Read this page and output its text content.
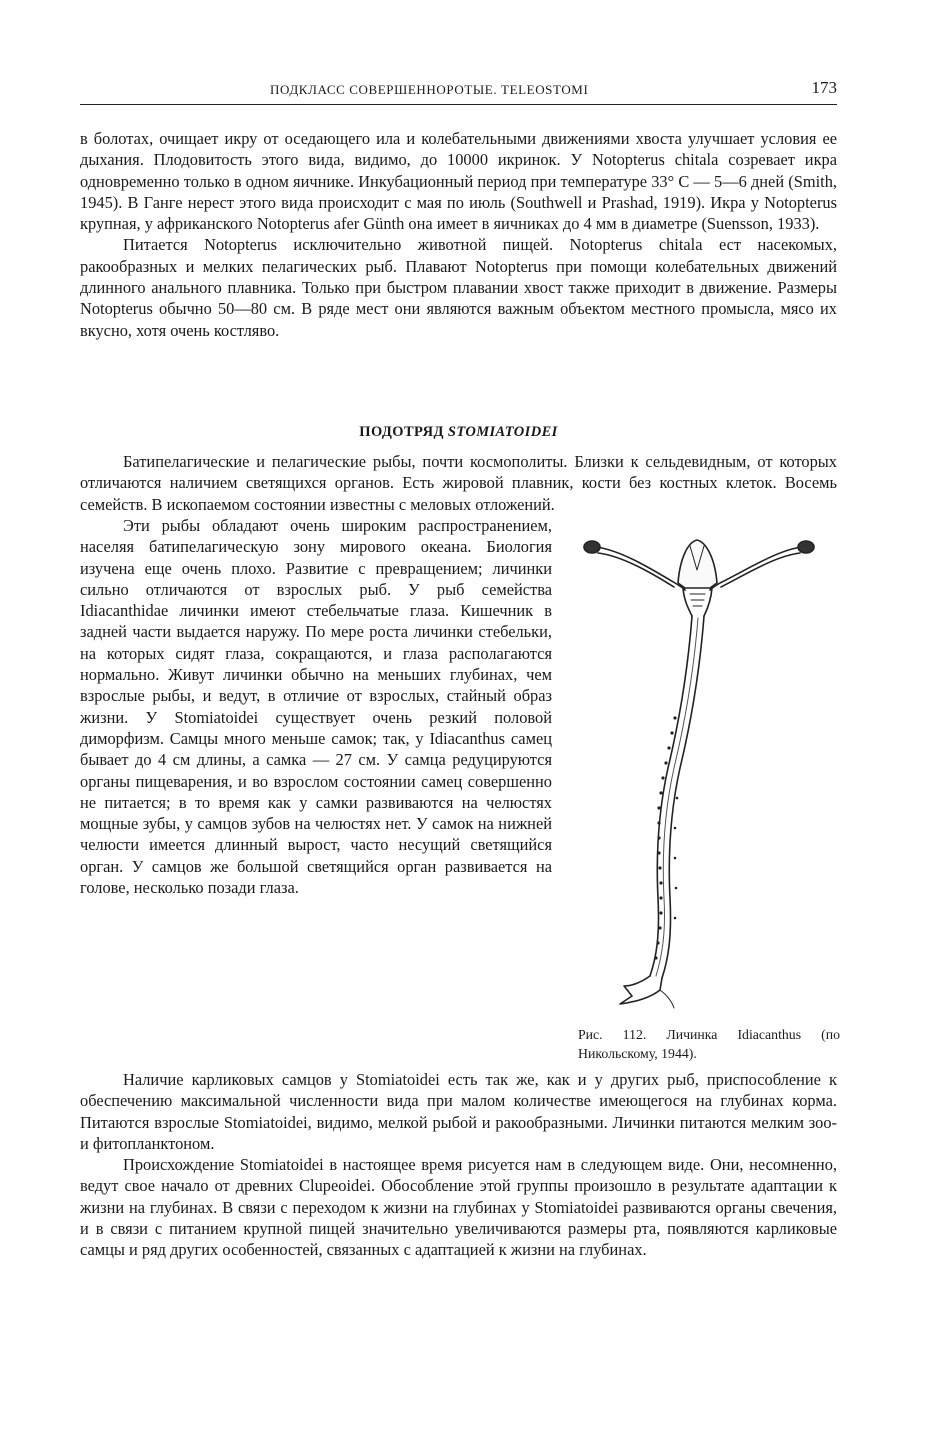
ПОДКЛАСС СОВЕРШЕННОРОТЫЕ. TELEOSTOMI	173

в болотах, очищает икру от оседающего ила и колебательными движениями хвоста улучшает условия ее дыхания. Плодовитость этого вида, видимо, до 10000 икринок. У Notopterus chitala созревает икра одновременно только в одном яичнике. Инкубационный период при температуре 33° С — 5—6 дней (Smith, 1945). В Ганге нерест этого вида происходит с мая по июль (Southwell и Prashad, 1919). Икра у Notopterus крупная, у африканского Notopterus afer Günth она имеет в яичниках до 4 мм в диаметре (Suensson, 1933).

Питается Notopterus исключительно животной пищей. Notopterus chitala ест насекомых, ракообразных и мелких пелагических рыб. Плавают Notopterus при помощи колебательных движений длинного анального плавника. Только при быстром плавании хвост также приходит в движение. Размеры Notopterus обычно 50—80 см. В ряде мест они являются важным объектом местного промысла, мясо их вкусно, хотя очень костляво.

ПОДОТРЯД STOMIATOIDEI

Батипелагические и пелагические рыбы, почти космополиты. Близки к сельдевидным, от которых отличаются наличием светящихся органов. Есть жировой плавник, кости без костных клеток. Восемь семейств. В ископаемом состоянии известны с меловых отложений.

Эти рыбы обладают очень широким распространением, населяя батипелагическую зону мирового океана. Биология изучена еще очень плохо. Развитие с превращением; личинки сильно отличаются от взрослых рыб. У рыб семейства Idiacanthidae личинки имеют стебельчатые глаза. Кишечник в задней части выдается наружу. По мере роста личинки стебельки, на которых сидят глаза, сокращаются, и глаза располагаются нормально. Живут личинки обычно на меньших глубинах, чем взрослые рыбы, и ведут, в отличие от взрослых, стайный образ жизни. У Stomiatoidei существует очень резкий половой диморфизм. Самцы много меньше самок; так, у Idiacanthus самец бывает до 4 см длины, а самка — 27 см. У самца редуцируются органы пищеварения, и во взрослом состоянии самец совершенно не питается; в то время как у самки развиваются на челюстях мощные зубы, у самцов зубов на челюстях нет. У самок на нижней челюсти имеется длинный вырост, часто несущий светящийся орган. У самцов же большой светящийся орган развивается на голове, несколько позади глаза.

Рис. 112. Личинка Idiacanthus (по Никольскому, 1944).

Наличие карликовых самцов у Stomiatoidei есть так же, как и у других рыб, приспособление к обеспечению максимальной численности вида при малом количестве имеющегося на глубинах корма. Питаются взрослые Stomiatoidei, видимо, мелкой рыбой и ракообразными. Личинки питаются мелким зоо- и фитопланктоном.

Происхождение Stomiatoidei в настоящее время рисуется нам в следующем виде. Они, несомненно, ведут свое начало от древних Clupeoidei. Обособление этой группы произошло в результате адаптации к жизни на глубинах. В связи с переходом к жизни на глубинах у Stomiatoidei развиваются органы свечения, и в связи с питанием крупной пищей значительно увеличиваются размеры рта, появляются карликовые самцы и ряд других особенностей, связанных с адаптацией к жизни на глубинах.
